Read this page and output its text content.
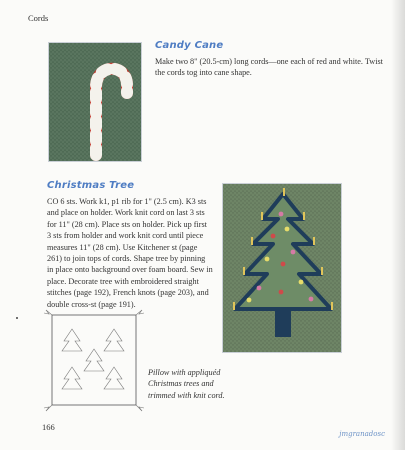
Cords
Candy Cane
Make two 8" (20.5-cm) long cords—one each of red and white. Twist the cords tog into cane shape.
Christmas Tree
CO 6 sts. Work k1, p1 rib for 1" (2.5 cm). K3 sts and place on holder. Work knit cord on last 3 sts for 11" (28 cm). Place sts on holder. Pick up first 3 sts from holder and work knit cord until piece measures 11" (28 cm). Use Kitchener st (page 261) to join tops of cords. Shape tree by pinning in place onto background over foam board. Sew in place. Decorate tree with embroidered straight stitches (page 192), French knots (page 203), and double cross-st (page 191).
Pillow with appliquéd Christmas trees and trimmed with knit cord.
166
jmgranadosc
